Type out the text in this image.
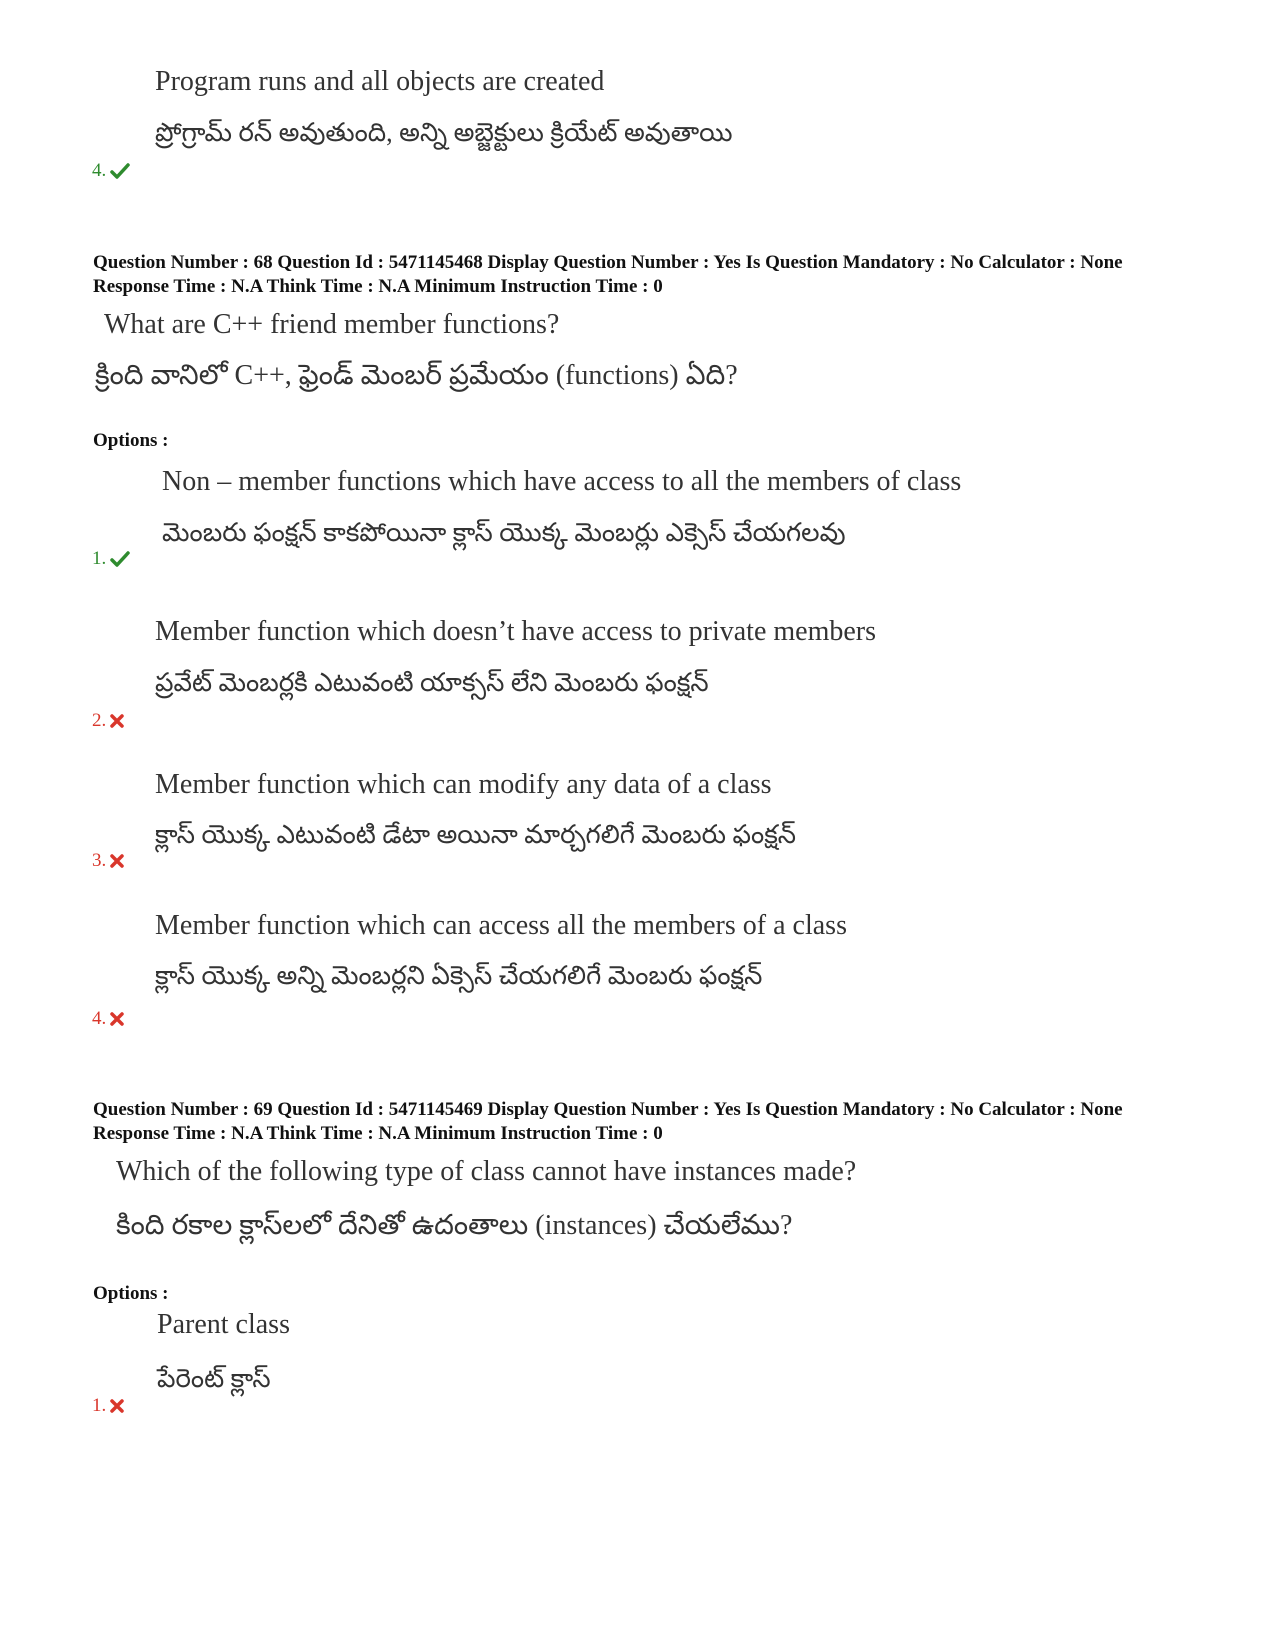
Program runs and all objects are created
ప్రోగ్రామ్ రన్ అవుతుంది, అన్ని అబ్జెక్టులు క్రియేట్ అవుతాయి
4.
Question Number : 68 Question Id : 5471145468 Display Question Number : Yes Is Question Mandatory : No Calculator : None Response Time : N.A Think Time : N.A Minimum Instruction Time : 0
What are C++ friend member functions?
క్రింది వానిలో C++, ఫ్రెండ్ మెంబర్ ప్రమేయం (functions) ఏది?
Options :
Non – member functions which have access to all the members of class
మెంబరు ఫంక్షన్ కాకపోయినా క్లాస్ యొక్క మెంబర్లు ఎక్సెస్ చేయగలవు
1.
Member function which doesn’t have access to private members
ప్రవేట్ మెంబర్లకి ఎటువంటి యాక్సస్ లేని మెంబరు ఫంక్షన్
2.
Member function which can modify any data of a class
క్లాస్ యొక్క ఎటువంటి డేటా అయినా మార్చగలిగే మెంబరు ఫంక్షన్
3.
Member function which can access all the members of a class
క్లాస్ యొక్క అన్ని మెంబర్లని ఏక్సెస్ చేయగలిగే మెంబరు ఫంక్షన్
4.
Question Number : 69 Question Id : 5471145469 Display Question Number : Yes Is Question Mandatory : No Calculator : None Response Time : N.A Think Time : N.A Minimum Instruction Time : 0
Which of the following type of class cannot have instances made?
కింది రకాల క్లాస్‌లలో దేనితో ఉదంతాలు (instances) చేయలేము?
Options :
Parent class
పేరెంట్ క్లాస్
1.
